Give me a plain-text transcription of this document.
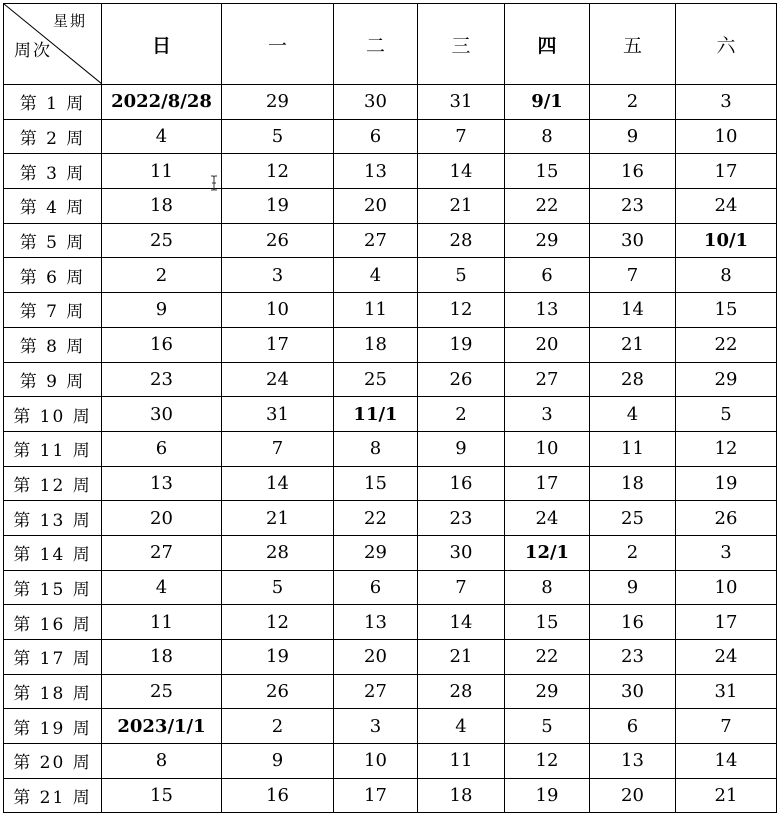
星期
周次	日	一	二	三	四	五	六
第 1 周	2022/8/28	29	30	31	9/1	2	3
第 2 周	4	5	6	7	8	9	10
第 3 周	11	12	13	14	15	16	17
第 4 周	18	19	20	21	22	23	24
第 5 周	25	26	27	28	29	30	10/1
第 6 周	2	3	4	5	6	7	8
第 7 周	9	10	11	12	13	14	15
第 8 周	16	17	18	19	20	21	22
第 9 周	23	24	25	26	27	28	29
第 10 周	30	31	11/1	2	3	4	5
第 11 周	6	7	8	9	10	11	12
第 12 周	13	14	15	16	17	18	19
第 13 周	20	21	22	23	24	25	26
第 14 周	27	28	29	30	12/1	2	3
第 15 周	4	5	6	7	8	9	10
第 16 周	11	12	13	14	15	16	17
第 17 周	18	19	20	21	22	23	24
第 18 周	25	26	27	28	29	30	31
第 19 周	2023/1/1	2	3	4	5	6	7
第 20 周	8	9	10	11	12	13	14
第 21 周	15	16	17	18	19	20	21
